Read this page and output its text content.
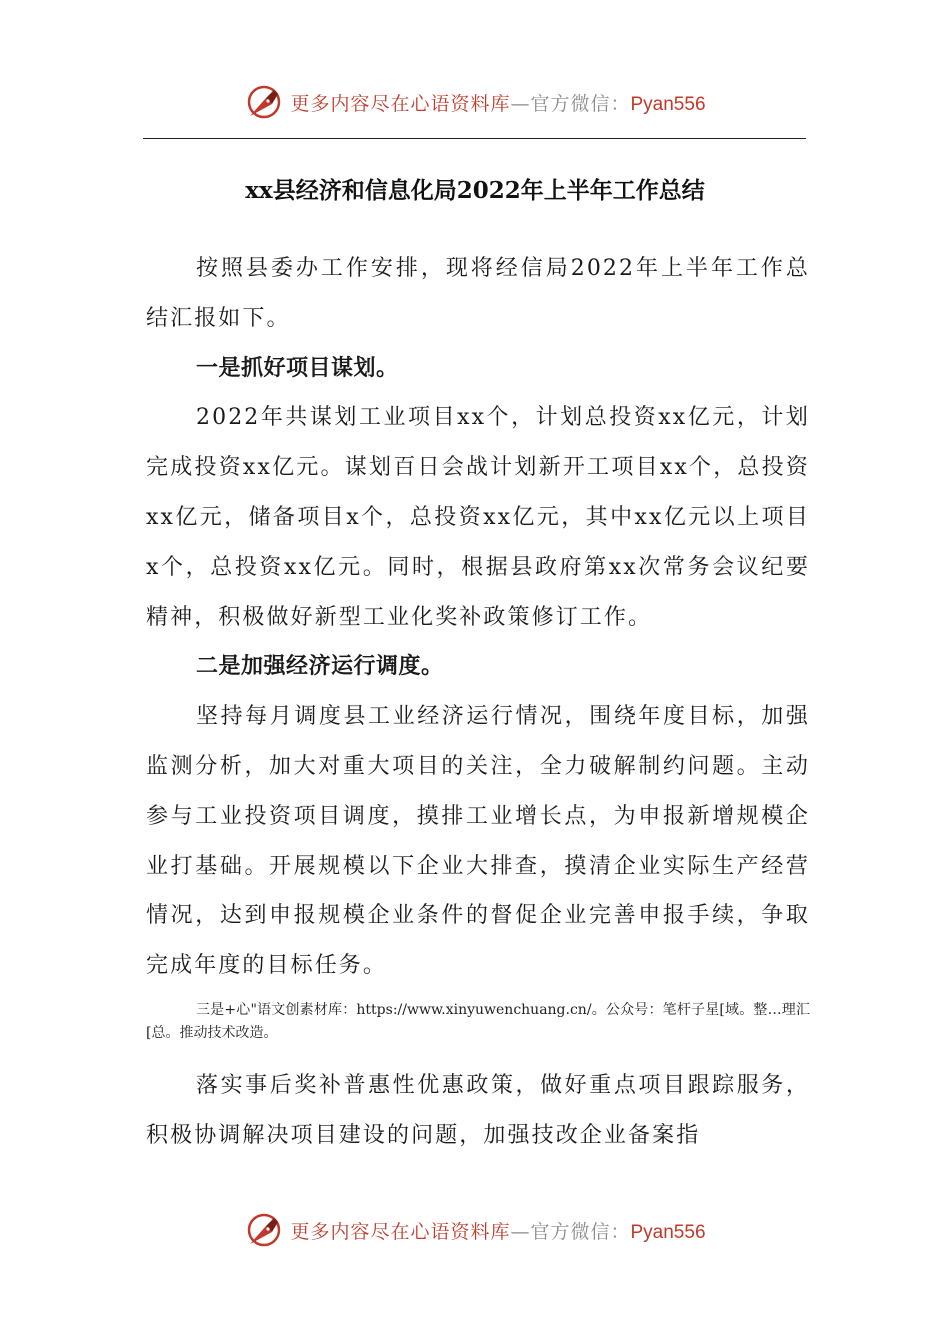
更多内容尽在心语资料库—官方微信：Pyan556
xx县经济和信息化局2022年上半年工作总结

按照县委办工作安排，现将经信局2022年上半年工作总结汇报如下。

一是抓好项目谋划。

2022年共谋划工业项目xx个，计划总投资xx亿元，计划完成投资xx亿元。谋划百日会战计划新开工项目xx个，总投资xx亿元，储备项目x个，总投资xx亿元，其中xx亿元以上项目x个，总投资xx亿元。同时，根据县政府第xx次常务会议纪要精神，积极做好新型工业化奖补政策修订工作。

二是加强经济运行调度。

坚持每月调度县工业经济运行情况，围绕年度目标，加强监测分析，加大对重大项目的关注，全力破解制约问题。主动参与工业投资项目调度，摸排工业增长点，为申报新增规模企业打基础。开展规模以下企业大排查，摸清企业实际生产经营情况，达到申报规模企业条件的督促企业完善申报手续，争取完成年度的目标任务。

三是+心"语文创素材库：https://www.xinyuwenchuang.cn/。公众号：笔杆子星[域。整…理汇[总。推动技术改造。

落实事后奖补普惠性优惠政策，做好重点项目跟踪服务，积极协调解决项目建设的问题，加强技改企业备案指

更多内容尽在心语资料库—官方微信：Pyan556
